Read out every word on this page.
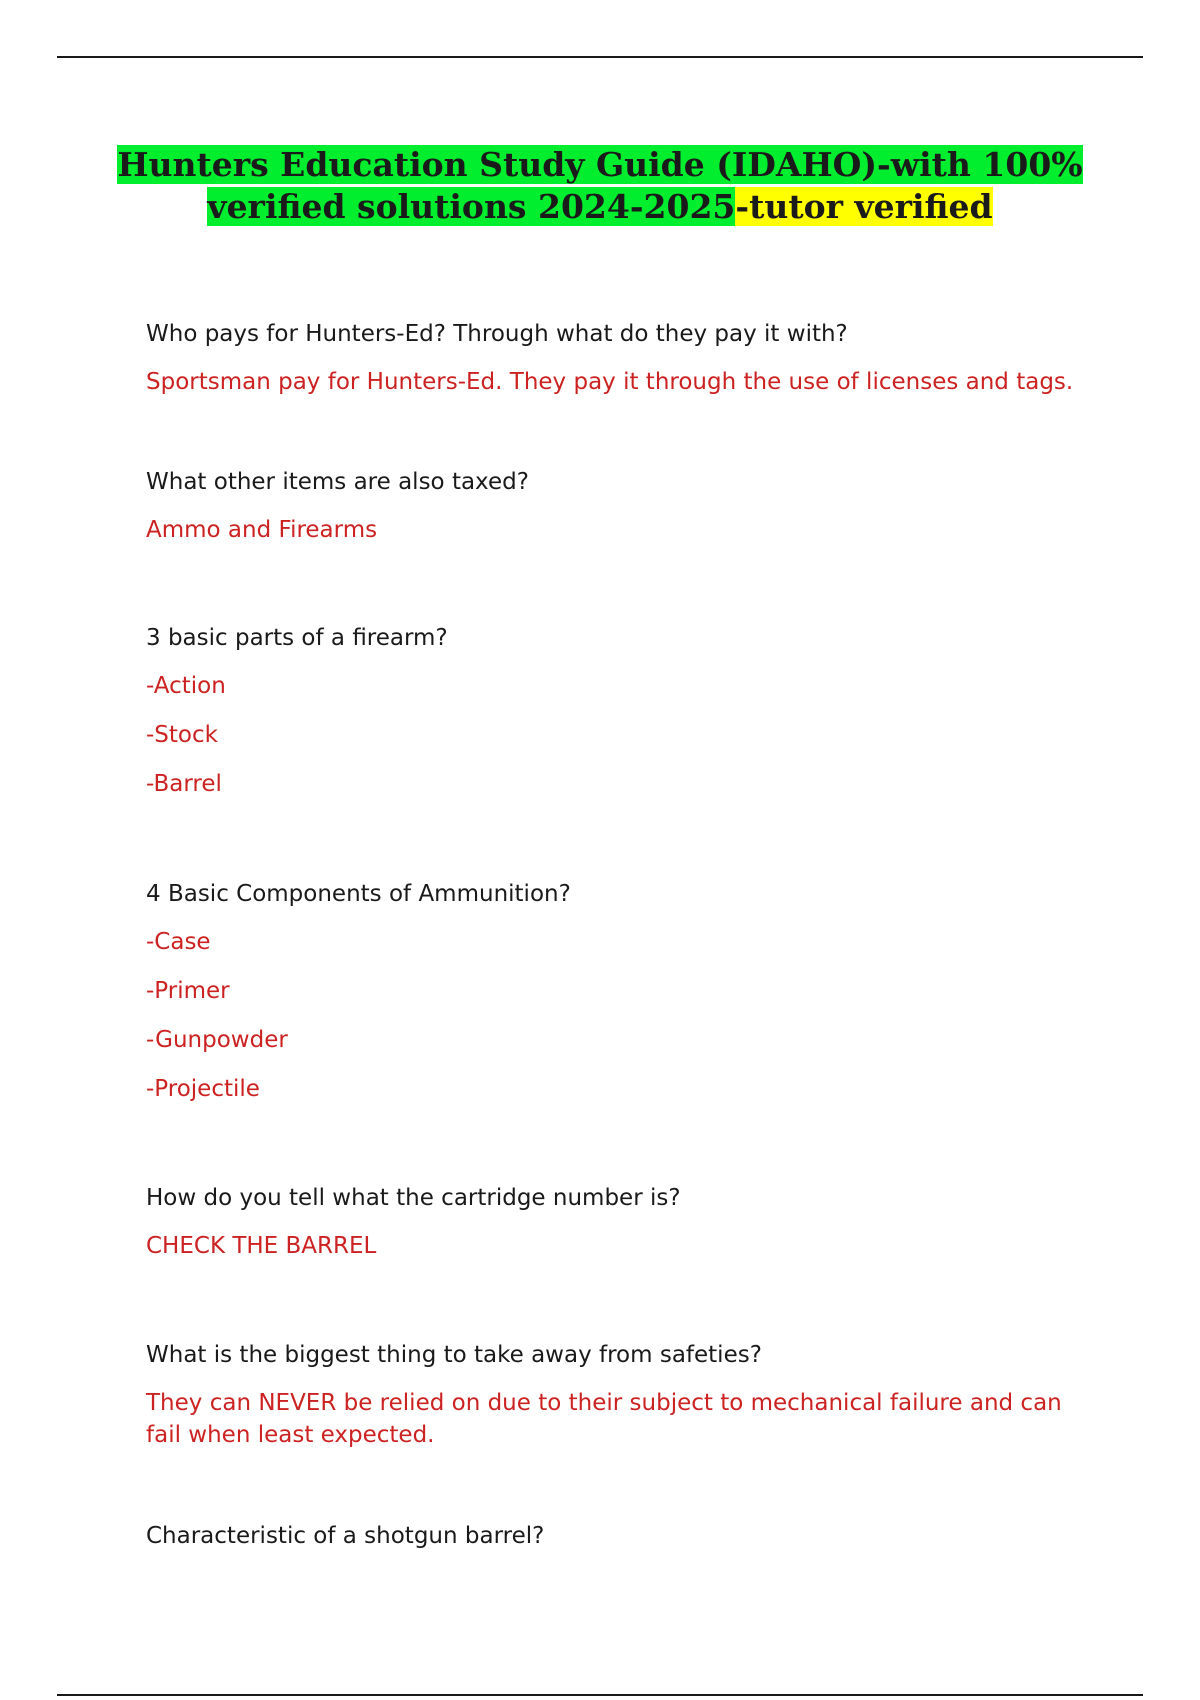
Hunters Education Study Guide (IDAHO)-with 100%
verified solutions 2024-2025-tutor verified

Who pays for Hunters-Ed? Through what do they pay it with?

Sportsman pay for Hunters-Ed. They pay it through the use of licenses and tags.

What other items are also taxed?

Ammo and Firearms

3 basic parts of a firearm?

-Action

-Stock

-Barrel

4 Basic Components of Ammunition?

-Case

-Primer

-Gunpowder

-Projectile

How do you tell what the cartridge number is?

CHECK THE BARREL

What is the biggest thing to take away from safeties?

They can NEVER be relied on due to their subject to mechanical failure and can fail when least expected.

Characteristic of a shotgun barrel?
